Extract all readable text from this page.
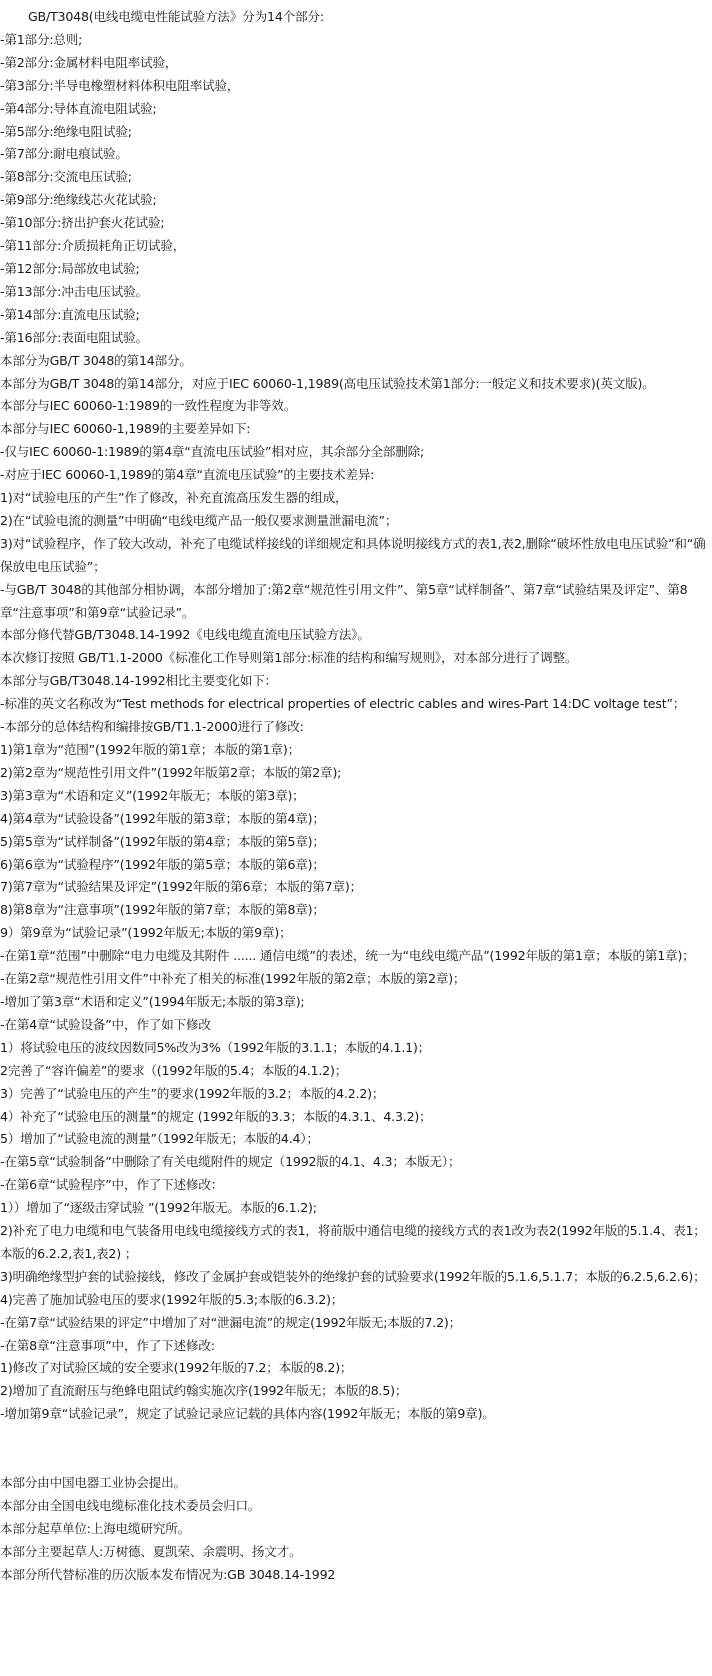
GB/T3048(电线电缆电性能试验方法》分为14个部分:
-第1部分:总则;
-第2部分:金属材料电阻率试验，
-第3部分:半导电橡塑材料体积电阻率试验，
-第4部分:导体直流电阻试验;
-第5部分:绝缘电阻试验;
-第7部分:耐电痕试验。
-第8部分:交流电压试验;
-第9部分:绝缘线芯火花试验;
-第10部分:挤出护套火花试验;
-第11部分:介质损耗角正切试验，
-第12部分:局部放电试验;
-第13部分:冲击电压试验。
-第14部分:直流电压试验;
-第16部分:表面电阻试验。
本部分为GB/T 3048的第14部分。
本部分为GB/T 3048的第14部分，对应于IEC 60060-1,1989(高电压试验技术第1部分:一般定义和技术要求)(英文版)。
本部分与IEC 60060-1:1989的一致性程度为非等效。
本部分与IEC 60060-1,1989的主要差异如下:
-仅与IEC 60060-1:1989的第4章“直流电压试验”相对应，其余部分全部删除;
-对应于IEC 60060-1,1989的第4章“直流电压试验”的主要技术差异:
1)对“试验电压的产生”作了修改，补充直流高压发生器的组成，
2)在“试验电流的测量”中明确“电线电缆产品一般仅要求测量泄漏电流”；
3)对“试验程序，作了较大改动，补充了电缆试样接线的详细规定和具体说明接线方式的表1,表2,删除“破坏性放电电压试验”和“确保放电电压试验”；
-与GB/T 3048的其他部分相协调，本部分增加了:第2章“规范性引用文件”、第5章“试样制备”、第7章“试验结果及评定”、第8章“注意事项”和第9章“试验记录”。
本部分修代替GB/T3048.14-1992《电线电缆直流电压试验方法》。
本次修订按照 GB/T1.1-2000《标准化工作导则第1部分:标准的结构和编写规则》，对本部分进行了调整。
本部分与GB/T3048.14-1992相比主要变化如下：
-标准的英文名称改为“Test methods for electrical properties of electric cables and wires-Part 14:DC voltage test”；
-本部分的总体结构和编排按GB/T1.1-2000进行了修改:
1)第1章为“范围”(1992年版的第1章；本版的第1章)；
2)第2章为“规范性引用文件”(1992年版第2章；本版的第2章);
3)第3章为“术语和定义”(1992年版无；本版的第3章)；
4)第4章为“试验设备”(1992年版的第3章；本版的第4章)；
5)第5章为“试样制备”(1992年版的第4章；本版的第5章)；
6)第6章为“试验程序”(1992年版的第5章；本版的第6章)；
7)第7章为“试验结果及评定”(1992年版的第6章；本版的第7章)；
8)第8章为“注意事项”(1992年版的第7章；本版的第8章)；
9）第9章为“试验记录”(1992年版无;本版的第9章)；
-在第1章“范围”中删除“电力电缆及其附件 ...... 通信电缆”的表述，统一为“电线电缆产品”(1992年版的第1章；本版的第1章)；
-在第2章“规范性引用文件”中补充了相关的标准(1992年版的第2章；本版的第2章)；
-增加了第3章“术语和定义”(1994年版无;本版的第3章);
-在第4章“试验设备”中，作了如下修改
1）将试验电压的波纹因数同5%改为3%（1992年版的3.1.1；本版的4.1.1)；
2完善了“容许偏差”的要求（(1992年版的5.4；本版的4.1.2)；
3）完善了“试验电压的产生”的要求(1992年版的3.2；本版的4.2.2)；
4）补充了“试验电压的测量”的规定 (1992年版的3.3；本版的4.3.1、4.3.2)；
5）增加了“试验电流的测量”（1992年版无；本版的4.4）；
-在第5章“试验制备”中删除了有关电缆附件的规定（1992版的4.1、4.3；本版无）；
-在第6章“试验程序”中，作了下述修改：
1））增加了“逐级击穿试验 ”(1992年版无。本版的6.1.2);
2)补充了电力电缆和电气装备用电线电缆接线方式的表1，将前版中通信电缆的接线方式的表1改为表2(1992年版的5.1.4、表1；本版的6.2.2,表1,表2) ；
3)明确绝缘型护套的试验接线，修改了金属护套或铠装外的绝缘护套的试验要求(1992年版的5.1.6,5.1.7；本版的6.2.5,6.2.6)；
4)完善了施加试验电压的要求(1992年版的5.3;本版的6.3.2)；
-在第7章“试验结果的评定”中增加了对“泄漏电流”的规定(1992年版无;本版的7.2)；
-在第8章“注意事项”中，作了下述修改:
1)修改了对试验区域的安全要求(1992年版的7.2；本版的8.2)；
2)增加了直流耐压与绝蜂电阻试约翰实施次序(1992年版无；本版的8.5)；
-增加第9章“试验记录”，规定了试验记录应记载的具体内容(1992年版无；本版的第9章)。
本部分由中国电器工业协会提出。
本部分由全国电线电缆标准化技术委员会归口。
本部分起草单位:上海电缆研究所。
本部分主要起草人:万树德、夏凯荣、余震明、扬文才。
本部分所代替标准的历次版本发布情况为:GB 3048.14-1992
